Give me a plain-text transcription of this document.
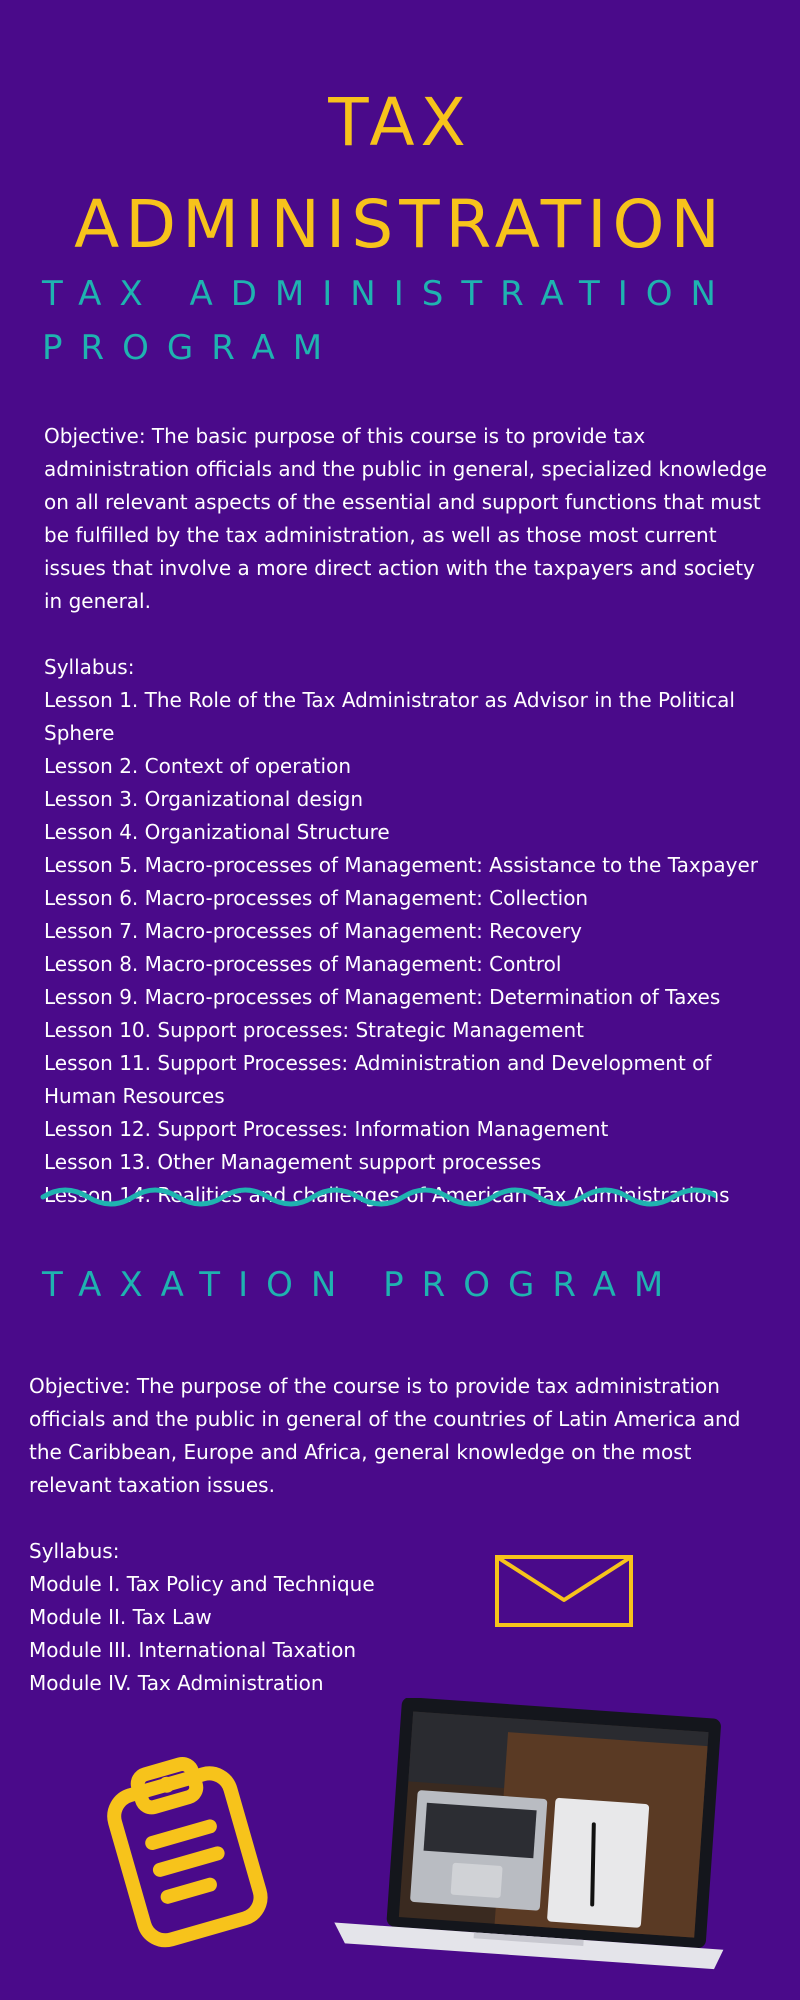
TAX
ADMINISTRATION
TAX ADMINISTRATION PROGRAM

Objective: The basic purpose of this course is to provide tax administration officials and the public in general, specialized knowledge on all relevant aspects of the essential and support functions that must be fulfilled by the tax administration, as well as those most current issues that involve a more direct action with the taxpayers and society in general.

Syllabus:

Lesson 1. The Role of the Tax Administrator as Advisor in the Political Sphere
Lesson 2. Context of operation
Lesson 3. Organizational design
Lesson 4. Organizational Structure
Lesson 5. Macro-processes of Management: Assistance to the Taxpayer
Lesson 6. Macro-processes of Management: Collection
Lesson 7. Macro-processes of Management: Recovery
Lesson 8. Macro-processes of Management: Control
Lesson 9. Macro-processes of Management: Determination of Taxes
Lesson 10. Support processes: Strategic Management
Lesson 11. Support Processes: Administration and Development of Human Resources
Lesson 12. Support Processes: Information Management
Lesson 13. Other Management support processes
Lesson 14. Realities and challenges of American Tax Administrations
TAXATION PROGRAM

Objective: The purpose of the course is to provide tax administration officials and the public in general of the countries of Latin America and the Caribbean, Europe and Africa, general knowledge on the most relevant taxation issues.

Syllabus:

Module I. Tax Policy and Technique
Module II. Tax Law
Module III. International Taxation
Module IV. Tax Administration
